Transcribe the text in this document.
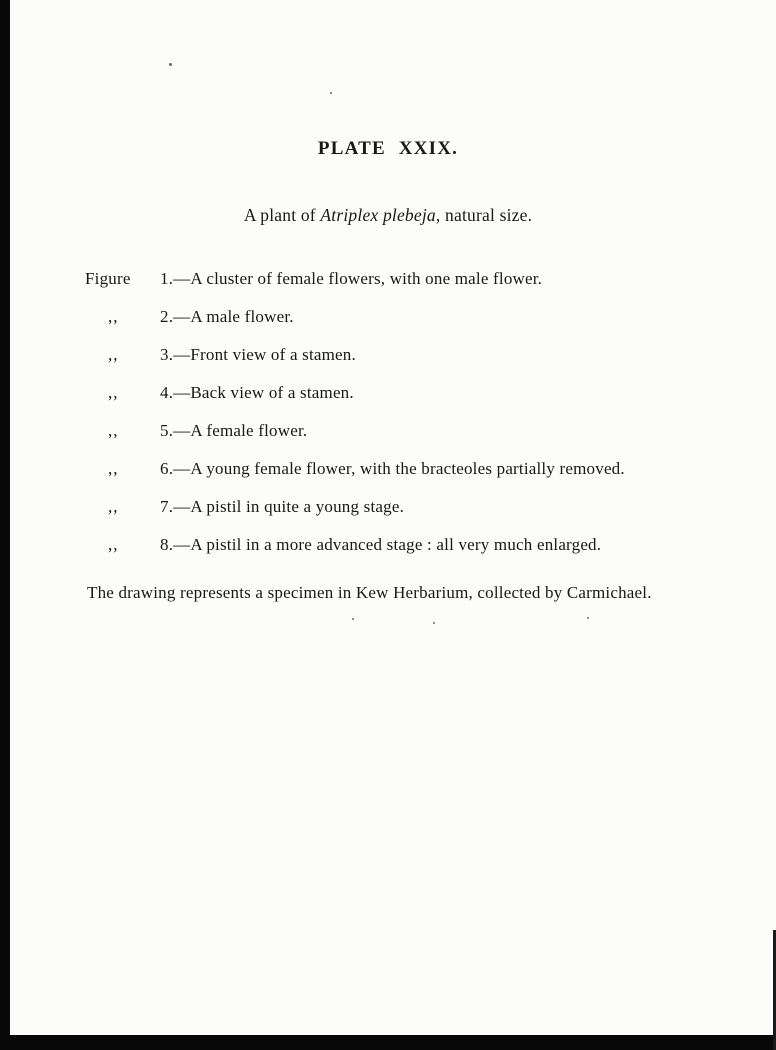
PLATE XXIX.
A plant of Atriplex plebeja, natural size.
Figure	1.—A cluster of female flowers, with one male flower.
,,	2.—A male flower.
,,	3.—Front view of a stamen.
,,	4.—Back view of a stamen.
,,	5.—A female flower.
,,	6.—A young female flower, with the bracteoles partially removed.
,,	7.—A pistil in quite a young stage.
,,	8.—A pistil in a more advanced stage : all very much enlarged.
The drawing represents a specimen in Kew Herbarium, collected by Carmichael.
